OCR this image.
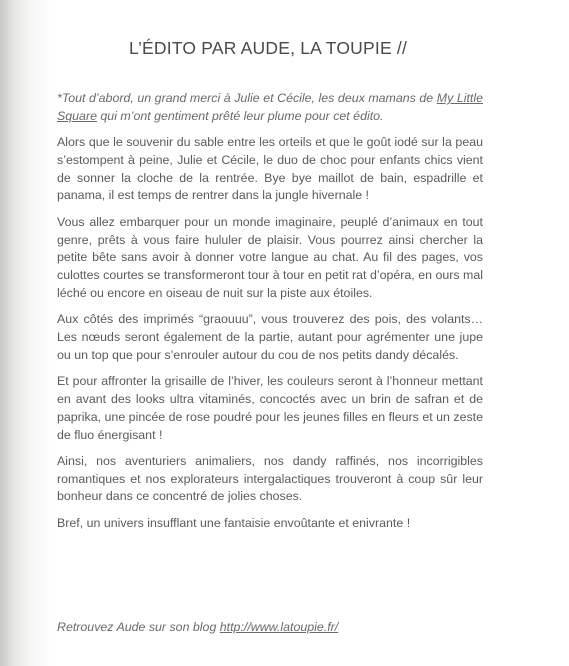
L’ÉDITO PAR AUDE, LA TOUPIE //

*Tout d’abord, un grand merci à Julie et Cécile, les deux mamans de My Little Square qui m’ont gentiment prêté leur plume pour cet édito.

Alors que le souvenir du sable entre les orteils et que le goût iodé sur la peau s’estompent à peine, Julie et Cécile, le duo de choc pour enfants chics vient de sonner la cloche de la rentrée. Bye bye maillot de bain, espadrille et panama, il est temps de rentrer dans la jungle hivernale !

Vous allez embarquer pour un monde imaginaire, peuplé d’animaux en tout genre, prêts à vous faire hululer de plaisir. Vous pourrez ainsi chercher la petite bête sans avoir à donner votre langue au chat. Au fil des pages, vos culottes courtes se transformeront tour à tour en petit rat d’opéra, en ours mal léché ou encore en oiseau de nuit sur la piste aux étoiles.

Aux côtés des imprimés “graouuu”, vous trouverez des pois, des volants… Les nœuds seront également de la partie, autant pour agrémenter une jupe ou un top que pour s’enrouler autour du cou de nos petits dandy décalés.

Et pour affronter la grisaille de l’hiver, les couleurs seront à l’honneur mettant en avant des looks ultra vitaminés, concoctés avec un brin de safran et de paprika, une pincée de rose poudré pour les jeunes filles en fleurs et un zeste de fluo énergisant !

Ainsi, nos aventuriers animaliers, nos dandy raffinés, nos incorrigibles romantiques et nos explorateurs intergalactiques trouveront à coup sûr leur bonheur dans ce concentré de jolies choses.

Bref, un univers insufflant une fantaisie envoûtante et enivrante !

Retrouvez Aude sur son blog http://www.latoupie.fr/
